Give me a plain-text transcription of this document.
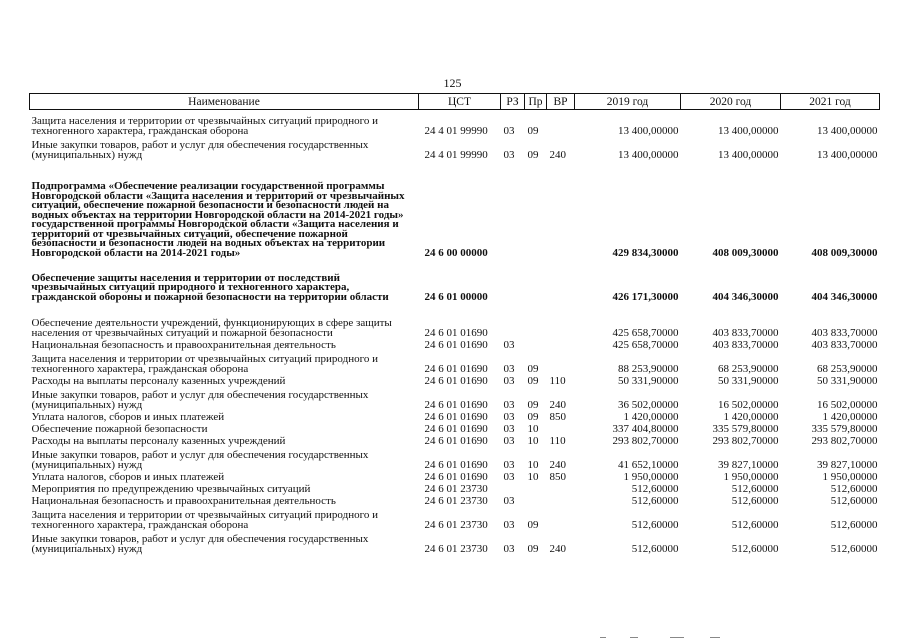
125
Наименование	ЦСТ	РЗ	Пр	ВР	2019 год	2020 год	2021 год
Защита населения и территории от чрезвычайных ситуаций природного и техногенного характера, гражданская оборона	24 4 01 99990	03	09		13 400,00000	13 400,00000	13 400,00000
Иные закупки товаров, работ и услуг для обеспечения государственных (муниципальных) нужд	24 4 01 99990	03	09	240	13 400,00000	13 400,00000	13 400,00000
Подпрограмма «Обеспечение реализации государственной программы Новгородской области «Защита населения и территорий от чрезвычайных ситуаций, обеспечение пожарной безопасности и безопасности людей на водных объектах на территории Новгородской области на 2014-2021 годы» государственной программы Новгородской области «Защита населения и территорий от чрезвычайных ситуаций, обеспечение пожарной безопасности и безопасности людей на водных объектах на территории Новгородской области на 2014-2021 годы»	24 6 00 00000				429 834,30000	408 009,30000	408 009,30000
Обеспечение защиты населения и территории от последствий чрезвычайных ситуаций природного и техногенного характера, гражданской обороны и пожарной безопасности на территории области	24 6 01 00000				426 171,30000	404 346,30000	404 346,30000
Обеспечение деятельности учреждений, функционирующих в сфере защиты населения от чрезвычайных ситуаций и пожарной безопасности	24 6 01 01690				425 658,70000	403 833,70000	403 833,70000
Национальная безопасность и правоохранительная деятельность	24 6 01 01690	03			425 658,70000	403 833,70000	403 833,70000
Защита населения и территории от чрезвычайных ситуаций природного и техногенного характера, гражданская оборона	24 6 01 01690	03	09		88 253,90000	68 253,90000	68 253,90000
Расходы на выплаты персоналу казенных учреждений	24 6 01 01690	03	09	110	50 331,90000	50 331,90000	50 331,90000
Иные закупки товаров, работ и услуг для обеспечения государственных (муниципальных) нужд	24 6 01 01690	03	09	240	36 502,00000	16 502,00000	16 502,00000
Уплата налогов, сборов и иных платежей	24 6 01 01690	03	09	850	1 420,00000	1 420,00000	1 420,00000
Обеспечение пожарной безопасности	24 6 01 01690	03	10		337 404,80000	335 579,80000	335 579,80000
Расходы на выплаты персоналу казенных учреждений	24 6 01 01690	03	10	110	293 802,70000	293 802,70000	293 802,70000
Иные закупки товаров, работ и услуг для обеспечения государственных (муниципальных) нужд	24 6 01 01690	03	10	240	41 652,10000	39 827,10000	39 827,10000
Уплата налогов, сборов и иных платежей	24 6 01 01690	03	10	850	1 950,00000	1 950,00000	1 950,00000
Мероприятия по предупреждению чрезвычайных ситуаций	24 6 01 23730				512,60000	512,60000	512,60000
Национальная безопасность и правоохранительная деятельность	24 6 01 23730	03			512,60000	512,60000	512,60000
Защита населения и территории от чрезвычайных ситуаций природного и техногенного характера, гражданская оборона	24 6 01 23730	03	09		512,60000	512,60000	512,60000
Иные закупки товаров, работ и услуг для обеспечения государственных (муниципальных) нужд	24 6 01 23730	03	09	240	512,60000	512,60000	512,60000
